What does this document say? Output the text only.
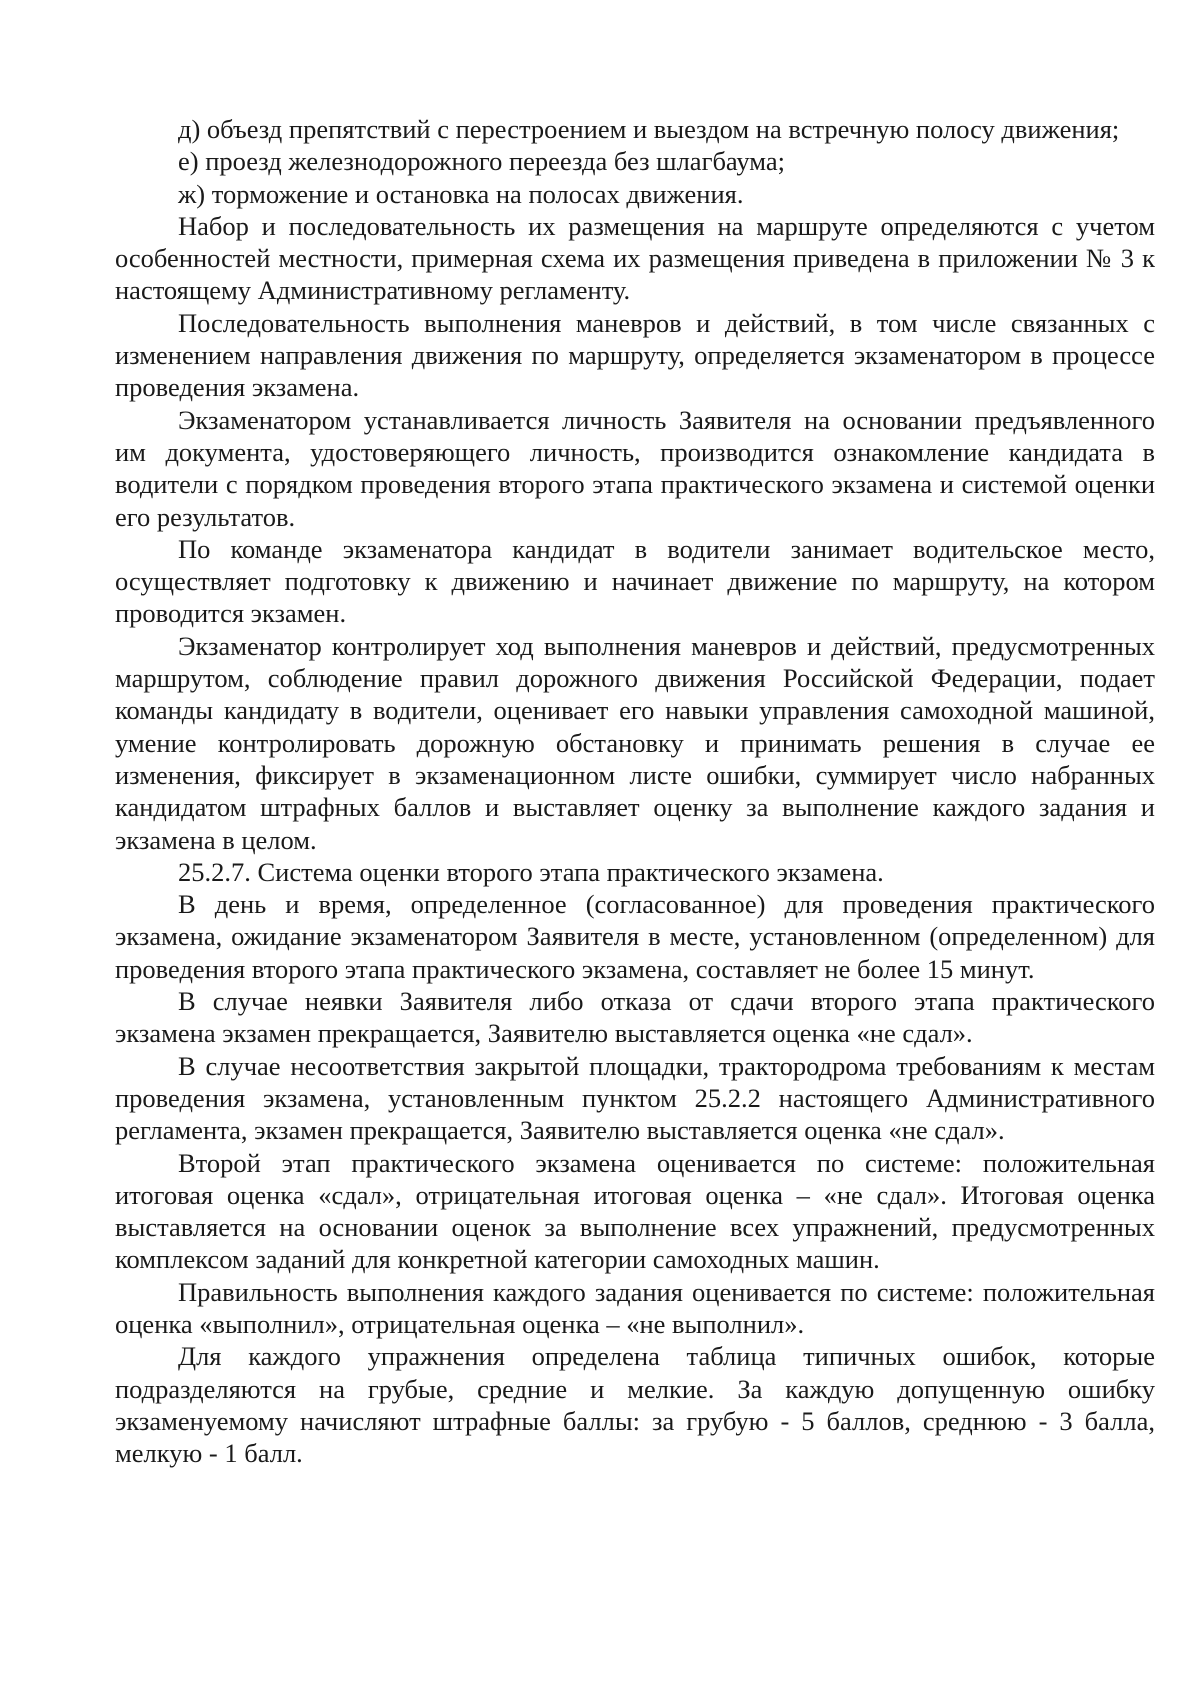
д) объезд препятствий с перестроением и выездом на встречную полосу движения;

е) проезд железнодорожного переезда без шлагбаума;

ж) торможение и остановка на полосах движения.

Набор и последовательность их размещения на маршруте определяются с учетом особенностей местности, примерная схема их размещения приведена в приложении № 3 к настоящему Административному регламенту.

Последовательность выполнения маневров и действий, в том числе связанных с изменением направления движения по маршруту, определяется экзаменатором в процессе проведения экзамена.

Экзаменатором устанавливается личность Заявителя на основании предъявленного им документа, удостоверяющего личность, производится ознакомление кандидата в водители с порядком проведения второго этапа практического экзамена и системой оценки его результатов.

По команде экзаменатора кандидат в водители занимает водительское место, осуществляет подготовку к движению и начинает движение по маршруту, на котором проводится экзамен.

Экзаменатор контролирует ход выполнения маневров и действий, предусмотренных маршрутом, соблюдение правил дорожного движения Российской Федерации, подает команды кандидату в водители, оценивает его навыки управления самоходной машиной, умение контролировать дорожную обстановку и принимать решения в случае ее изменения, фиксирует в экзаменационном листе ошибки, суммирует число набранных кандидатом штрафных баллов и выставляет оценку за выполнение каждого задания и экзамена в целом.

25.2.7. Система оценки второго этапа практического экзамена.

В день и время, определенное (согласованное) для проведения практического экзамена, ожидание экзаменатором Заявителя в месте, установленном (определенном) для проведения второго этапа практического экзамена, составляет не более 15 минут.

В случае неявки Заявителя либо отказа от сдачи второго этапа практического экзамена экзамен прекращается, Заявителю выставляется оценка «не сдал».

В случае несоответствия закрытой площадки, трактородрома требованиям к местам проведения экзамена, установленным пунктом 25.2.2 настоящего Административного регламента, экзамен прекращается, Заявителю выставляется оценка «не сдал».

Второй этап практического экзамена оценивается по системе: положительная итоговая оценка «сдал», отрицательная итоговая оценка – «не сдал». Итоговая оценка выставляется на основании оценок за выполнение всех упражнений, предусмотренных комплексом заданий для конкретной категории самоходных машин.

Правильность выполнения каждого задания оценивается по системе: положительная оценка «выполнил», отрицательная оценка – «не выполнил».

Для каждого упражнения определена таблица типичных ошибок, которые подразделяются на грубые, средние и мелкие. За каждую допущенную ошибку экзаменуемому начисляют штрафные баллы: за грубую - 5 баллов, среднюю - 3 балла, мелкую - 1 балл.
